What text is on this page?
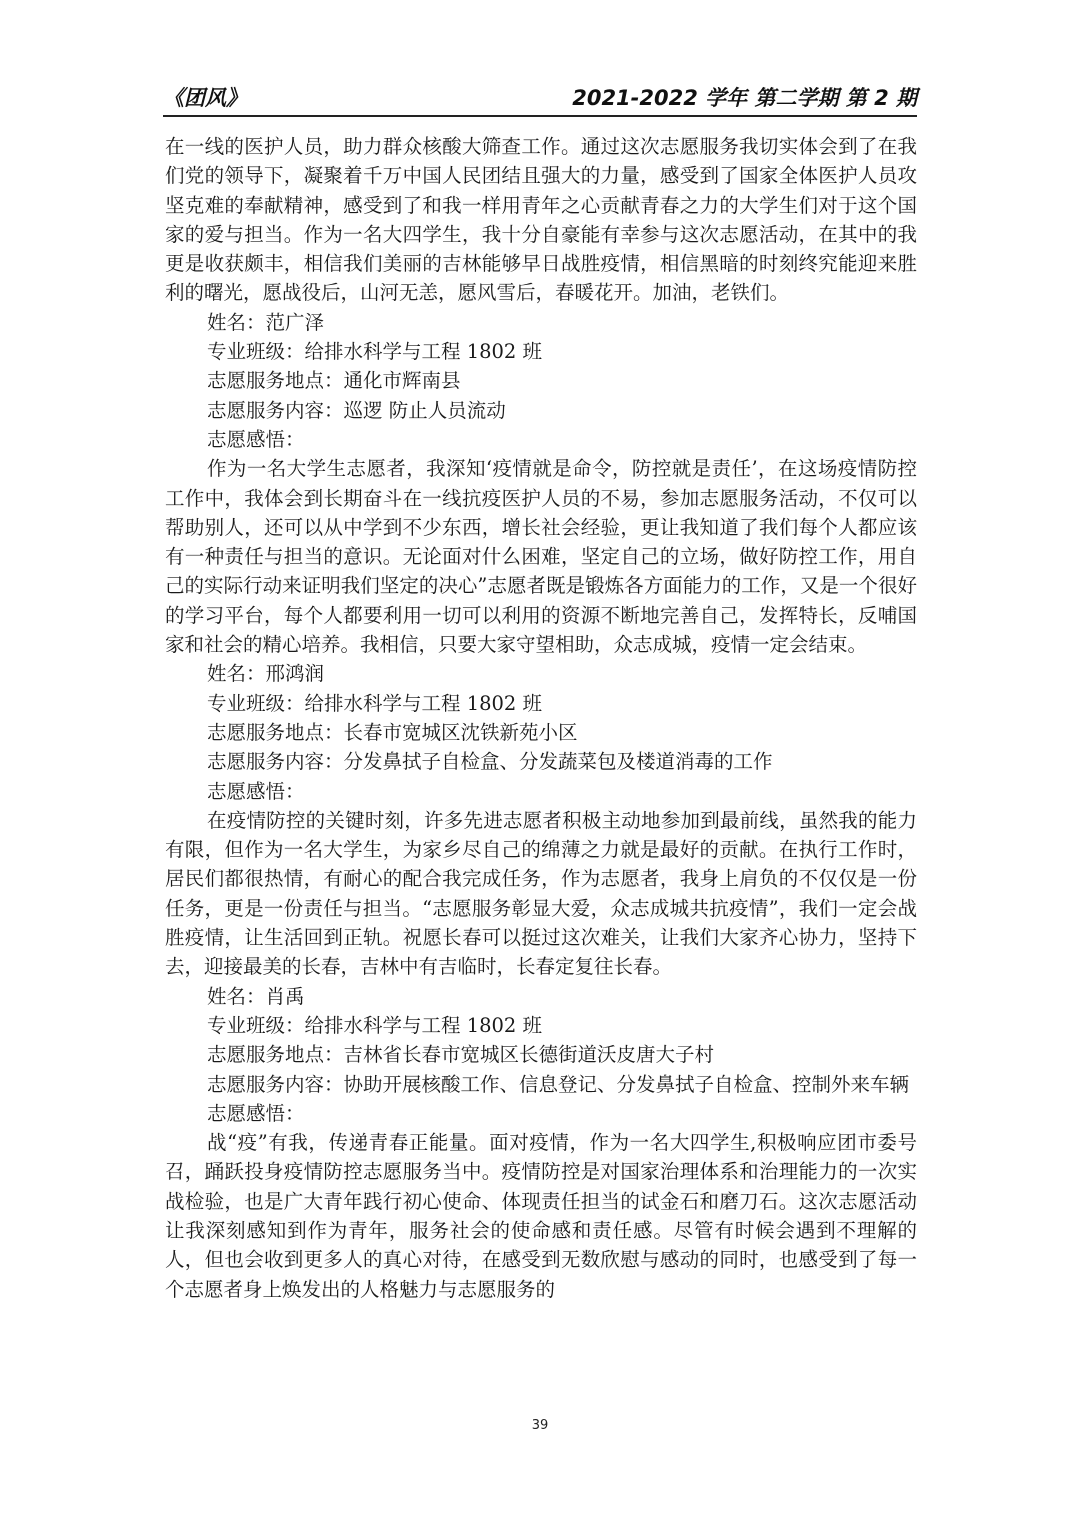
《团风》	2021-2022 学年 第二学期 第 2 期

在一线的医护人员，助力群众核酸大筛查工作。通过这次志愿服务我切实体会到了在我们党的领导下，凝聚着千万中国人民团结且强大的力量，感受到了国家全体医护人员攻坚克难的奉献精神，感受到了和我一样用青年之心贡献青春之力的大学生们对于这个国家的爱与担当。作为一名大四学生，我十分自豪能有幸参与这次志愿活动，在其中的我更是收获颇丰，相信我们美丽的吉林能够早日战胜疫情，相信黑暗的时刻终究能迎来胜利的曙光，愿战役后，山河无恙，愿风雪后，春暖花开。加油，老铁们。

姓名：范广泽

专业班级：给排水科学与工程 1802 班

志愿服务地点：通化市辉南县

志愿服务内容：巡逻 防止人员流动

志愿感悟：

作为一名大学生志愿者，我深知‘疫情就是命令，防控就是责任’，在这场疫情防控工作中，我体会到长期奋斗在一线抗疫医护人员的不易，参加志愿服务活动，不仅可以帮助别人，还可以从中学到不少东西，增长社会经验，更让我知道了我们每个人都应该有一种责任与担当的意识。无论面对什么困难，坚定自己的立场，做好防控工作，用自己的实际行动来证明我们坚定的决心”志愿者既是锻炼各方面能力的工作，又是一个很好的学习平台，每个人都要利用一切可以利用的资源不断地完善自己，发挥特长，反哺国家和社会的精心培养。我相信，只要大家守望相助，众志成城，疫情一定会结束。

姓名：邢鸿润

专业班级：给排水科学与工程 1802 班

志愿服务地点：长春市宽城区沈铁新苑小区

志愿服务内容：分发鼻拭子自检盒、分发蔬菜包及楼道消毒的工作

志愿感悟：

在疫情防控的关键时刻，许多先进志愿者积极主动地参加到最前线，虽然我的能力有限，但作为一名大学生，为家乡尽自己的绵薄之力就是最好的贡献。在执行工作时，居民们都很热情，有耐心的配合我完成任务，作为志愿者，我身上肩负的不仅仅是一份任务，更是一份责任与担当。“志愿服务彰显大爱，众志成城共抗疫情”，我们一定会战胜疫情，让生活回到正轨。祝愿长春可以挺过这次难关，让我们大家齐心协力，坚持下去，迎接最美的长春，吉林中有吉临时，长春定复往长春。

姓名：肖禹

专业班级：给排水科学与工程 1802 班

志愿服务地点：吉林省长春市宽城区长德街道沃皮唐大子村

志愿服务内容：协助开展核酸工作、信息登记、分发鼻拭子自检盒、控制外来车辆

志愿感悟：

战“疫”有我，传递青春正能量。面对疫情，作为一名大四学生,积极响应团市委号召，踊跃投身疫情防控志愿服务当中。疫情防控是对国家治理体系和治理能力的一次实战检验，也是广大青年践行初心使命、体现责任担当的试金石和磨刀石。这次志愿活动让我深刻感知到作为青年，服务社会的使命感和责任感。尽管有时候会遇到不理解的人，但也会收到更多人的真心对待，在感受到无数欣慰与感动的同时，也感受到了每一个志愿者身上焕发出的人格魅力与志愿服务的

39
